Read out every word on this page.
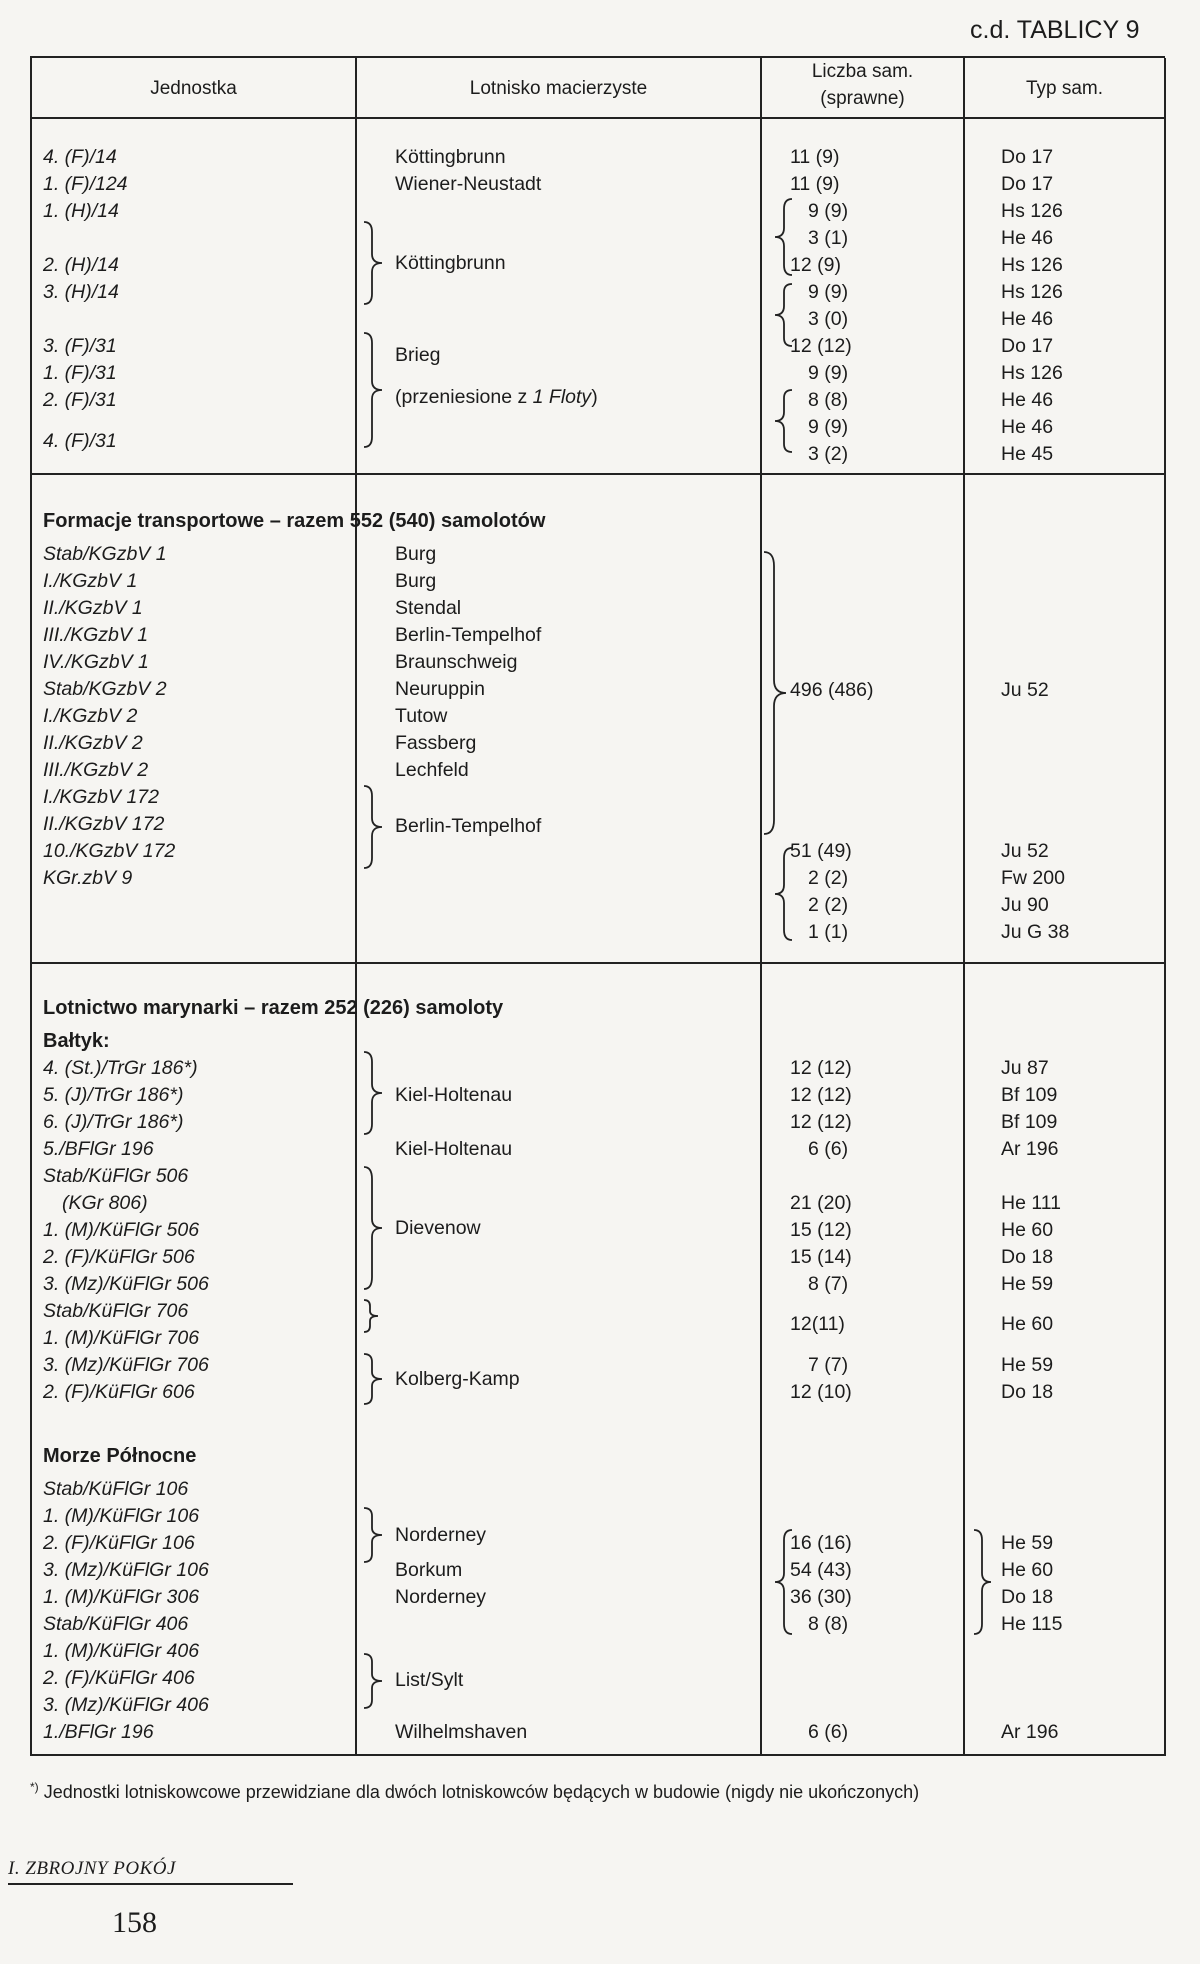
c.d. TABLICY 9
Jednostka	Lotnisko macierzyste
Liczba sam.
(sprawne)	Typ sam.
4. (F)/14
1. (F)/124
1. (H)/14
2. (H)/14
3. (H)/14
3. (F)/31
1. (F)/31
2. (F)/31
4. (F)/31
Köttingbrunn
Wiener-Neustadt
Köttingbrunn
Brieg
(przeniesione z 1 Floty)
11 (9)
11 (9)
9 (9)
3 (1)
12 (9)
9 (9)
3 (0)
12 (12)
9 (9)
8 (8)
9 (9)
3 (2)
Do 17
Do 17
Hs 126
He 46
Hs 126
Hs 126
He 46
Do 17
Hs 126
He 46
He 46
He 45
Formacje transportowe – razem 552 (540) samolotów
Stab/KGzbV 1
I./KGzbV 1
II./KGzbV 1
III./KGzbV 1
IV./KGzbV 1
Stab/KGzbV 2
I./KGzbV 2
II./KGzbV 2
III./KGzbV 2
I./KGzbV 172
II./KGzbV 172
10./KGzbV 172
KGr.zbV 9
Burg
Burg
Stendal
Berlin-Tempelhof
Braunschweig
Neuruppin
Tutow
Fassberg
Lechfeld
Berlin-Tempelhof
496 (486)
51 (49)
2 (2)
2 (2)
1 (1)
Ju 52
Ju 52
Fw 200
Ju 90
Ju G 38
Lotnictwo marynarki – razem 252 (226) samoloty
Bałtyk:
4. (St.)/TrGr 186*)
5. (J)/TrGr 186*)
6. (J)/TrGr 186*)
5./BFlGr 196
Stab/KüFlGr 506
(KGr 806)
1. (M)/KüFlGr 506
2. (F)/KüFlGr 506
3. (Mz)/KüFlGr 506
Stab/KüFlGr 706
1. (M)/KüFlGr 706
3. (Mz)/KüFlGr 706
2. (F)/KüFlGr 606
Kiel-Holtenau
Kiel-Holtenau
Dievenow
Kolberg-Kamp
12 (12)
12 (12)
12 (12)
6 (6)
21 (20)
15 (12)
15 (14)
8 (7)
12(11)
7 (7)
12 (10)
Ju 87
Bf 109
Bf 109
Ar 196
He 111
He 60
Do 18
He 59
He 60
He 59
Do 18
Morze Północne
Stab/KüFlGr 106
1. (M)/KüFlGr 106
2. (F)/KüFlGr 106
3. (Mz)/KüFlGr 106
1. (M)/KüFlGr 306
Stab/KüFlGr 406
1. (M)/KüFlGr 406
2. (F)/KüFlGr 406
3. (Mz)/KüFlGr 406
1./BFlGr 196
Norderney
Borkum
Norderney
List/Sylt
Wilhelmshaven
16 (16)
54 (43)
36 (30)
8 (8)
6 (6)
He 59
He 60
Do 18
He 115
Ar 196
*) Jednostki lotniskowcowe przewidziane dla dwóch lotniskowców będących w budowie (nigdy nie ukończonych)
I. ZBROJNY POKÓJ
158
